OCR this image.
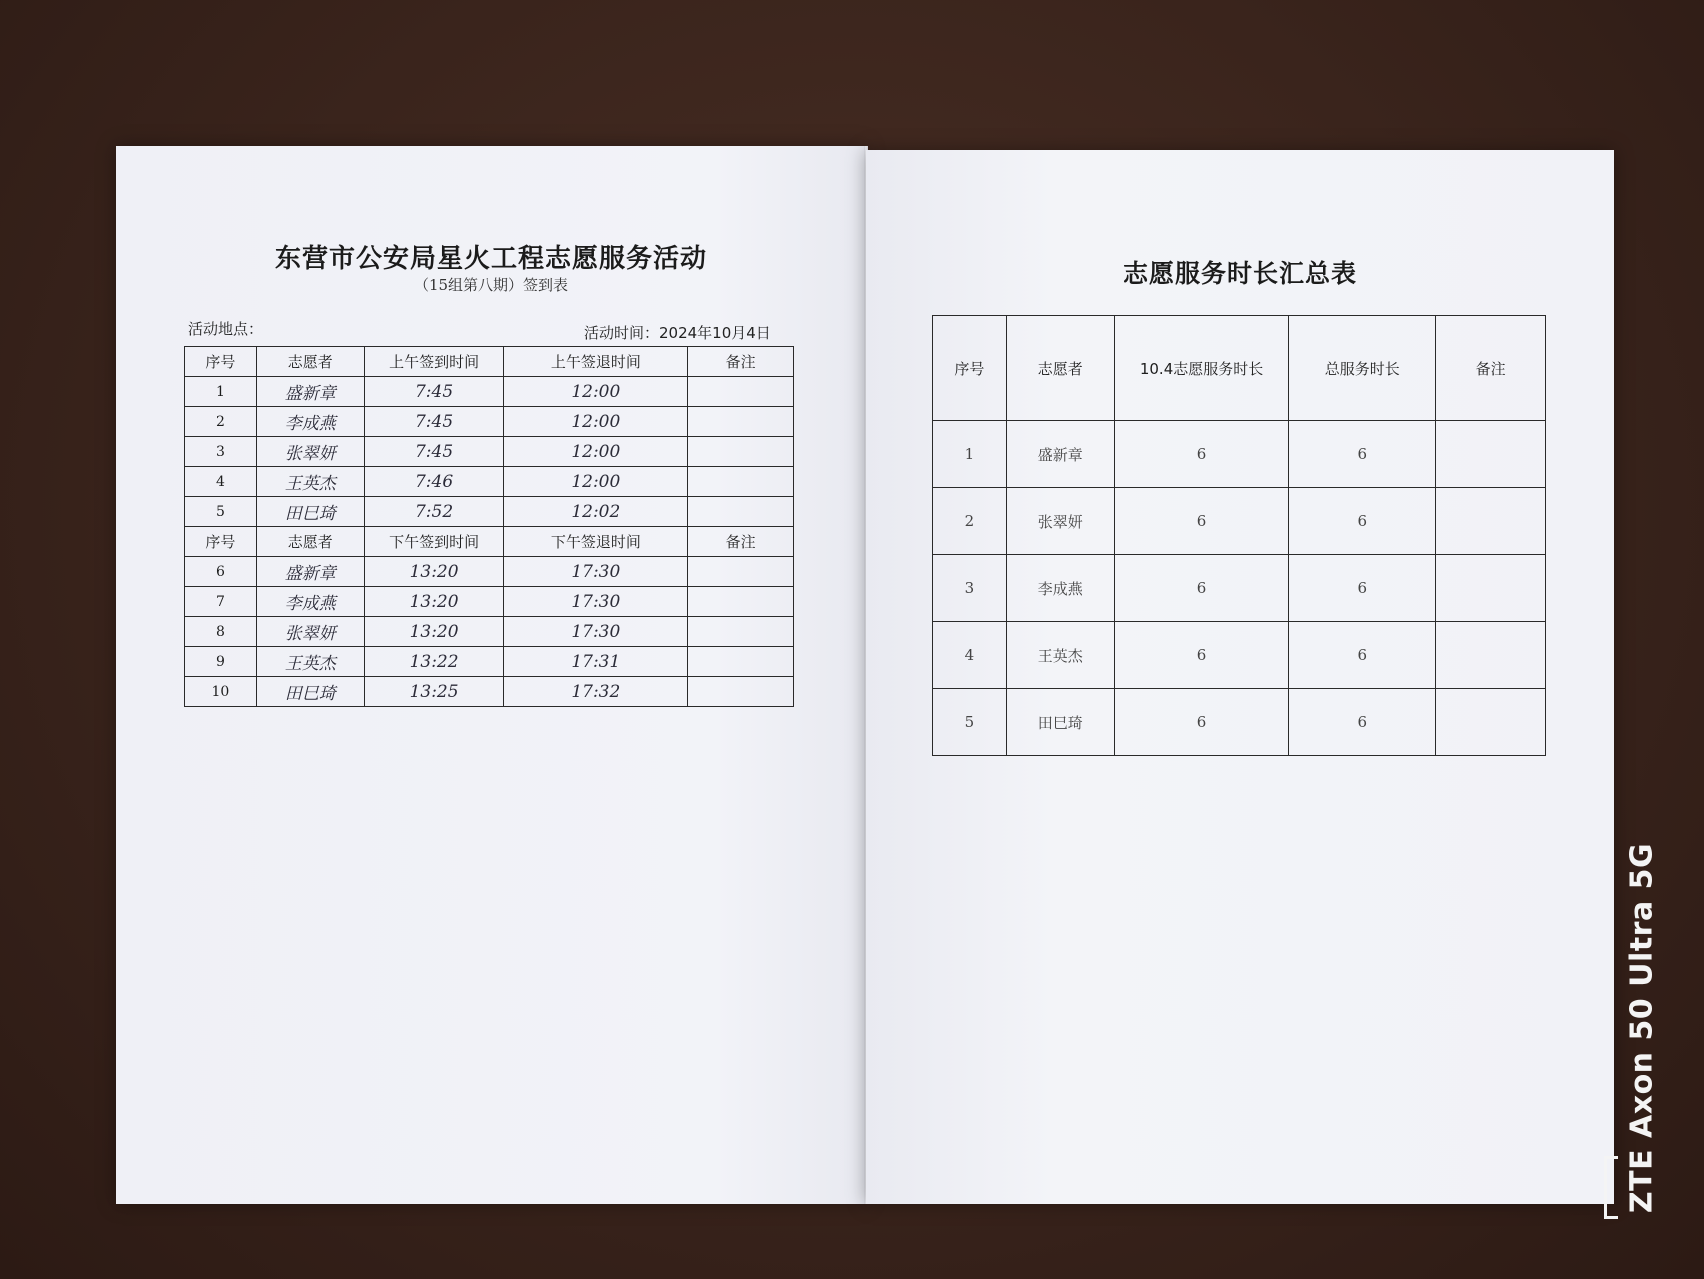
东营市公安局星火工程志愿服务活动
（15组第八期）签到表
活动地点：	活动时间：2024年10月4日
序号	志愿者	上午签到时间	上午签退时间	备注
1	盛新章	7:45	12:00	
2	李成燕	7:45	12:00	
3	张翠妍	7:45	12:00	
4	王英杰	7:46	12:00	
5	田巳琦	7:52	12:02	
序号	志愿者	下午签到时间	下午签退时间	备注
6	盛新章	13:20	17:30	
7	李成燕	13:20	17:30	
8	张翠妍	13:20	17:30	
9	王英杰	13:22	17:31	
10	田巳琦	13:25	17:32	
志愿服务时长汇总表
序号	志愿者	10.4志愿服务时长	总服务时长	备注
1	盛新章	6	6	
2	张翠妍	6	6	
3	李成燕	6	6	
4	王英杰	6	6	
5	田巳琦	6	6	
ZTE Axon 50 Ultra 5G
